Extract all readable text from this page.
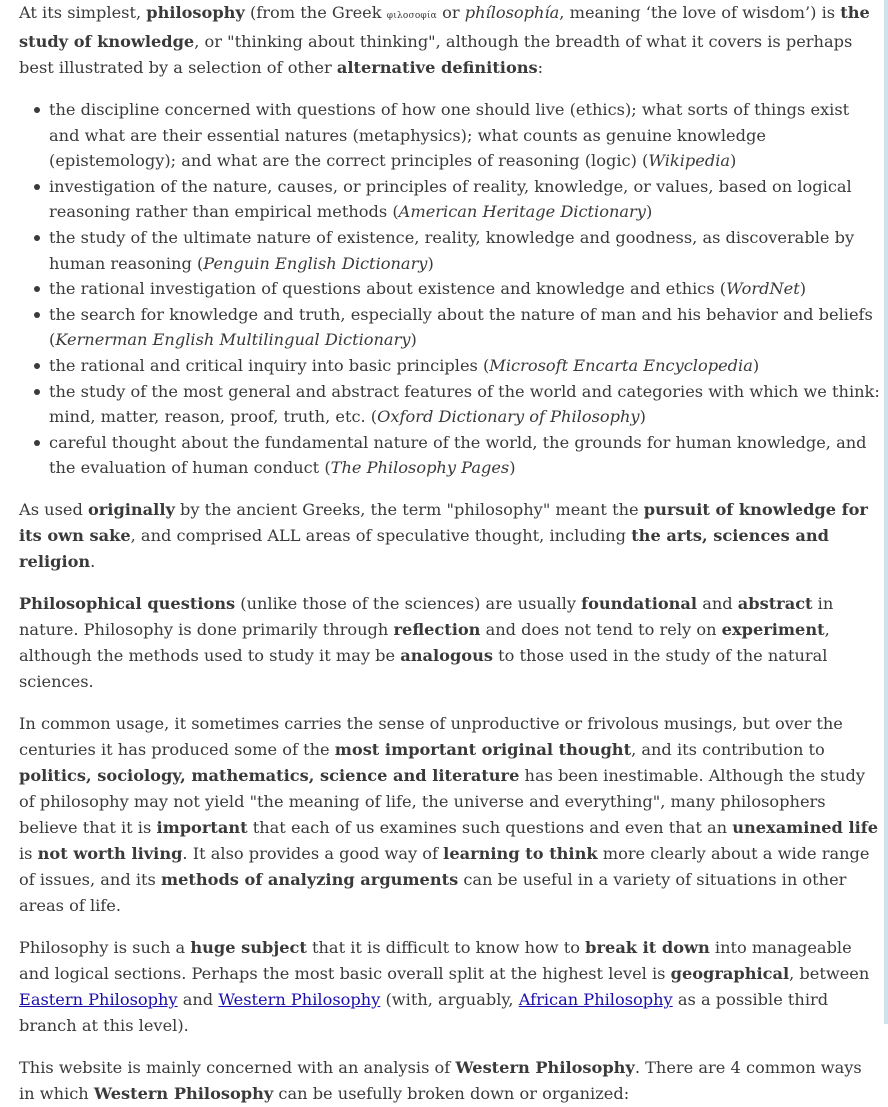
At its simplest, philosophy (from the Greek φιλοσοφία or phílosophía, meaning ‘the love of wisdom’) is the study of knowledge, or "thinking about thinking", although the breadth of what it covers is perhaps best illustrated by a selection of other alternative definitions:

the discipline concerned with questions of how one should live (ethics); what sorts of things exist and what are their essential natures (metaphysics); what counts as genuine knowledge (epistemology); and what are the correct principles of reasoning (logic) (Wikipedia)
investigation of the nature, causes, or principles of reality, knowledge, or values, based on logical reasoning rather than empirical methods (American Heritage Dictionary)
the study of the ultimate nature of existence, reality, knowledge and goodness, as discoverable by human reasoning (Penguin English Dictionary)
the rational investigation of questions about existence and knowledge and ethics (WordNet)
the search for knowledge and truth, especially about the nature of man and his behavior and beliefs (Kernerman English Multilingual Dictionary)
the rational and critical inquiry into basic principles (Microsoft Encarta Encyclopedia)
the study of the most general and abstract features of the world and categories with which we think: mind, matter, reason, proof, truth, etc. (Oxford Dictionary of Philosophy)
careful thought about the fundamental nature of the world, the grounds for human knowledge, and the evaluation of human conduct (The Philosophy Pages)

As used originally by the ancient Greeks, the term "philosophy" meant the pursuit of knowledge for its own sake, and comprised ALL areas of speculative thought, including the arts, sciences and religion.

Philosophical questions (unlike those of the sciences) are usually foundational and abstract in nature. Philosophy is done primarily through reflection and does not tend to rely on experiment, although the methods used to study it may be analogous to those used in the study of the natural sciences.

In common usage, it sometimes carries the sense of unproductive or frivolous musings, but over the centuries it has produced some of the most important original thought, and its contribution to politics, sociology, mathematics, science and literature has been inestimable. Although the study of philosophy may not yield "the meaning of life, the universe and everything", many philosophers believe that it is important that each of us examines such questions and even that an unexamined life is not worth living. It also provides a good way of learning to think more clearly about a wide range of issues, and its methods of analyzing arguments can be useful in a variety of situations in other areas of life.

Philosophy is such a huge subject that it is difficult to know how to break it down into manageable and logical sections. Perhaps the most basic overall split at the highest level is geographical, between Eastern Philosophy and Western Philosophy (with, arguably, African Philosophy as a possible third branch at this level).

This website is mainly concerned with an analysis of Western Philosophy. There are 4 common ways in which Western Philosophy can be usefully broken down or organized:
